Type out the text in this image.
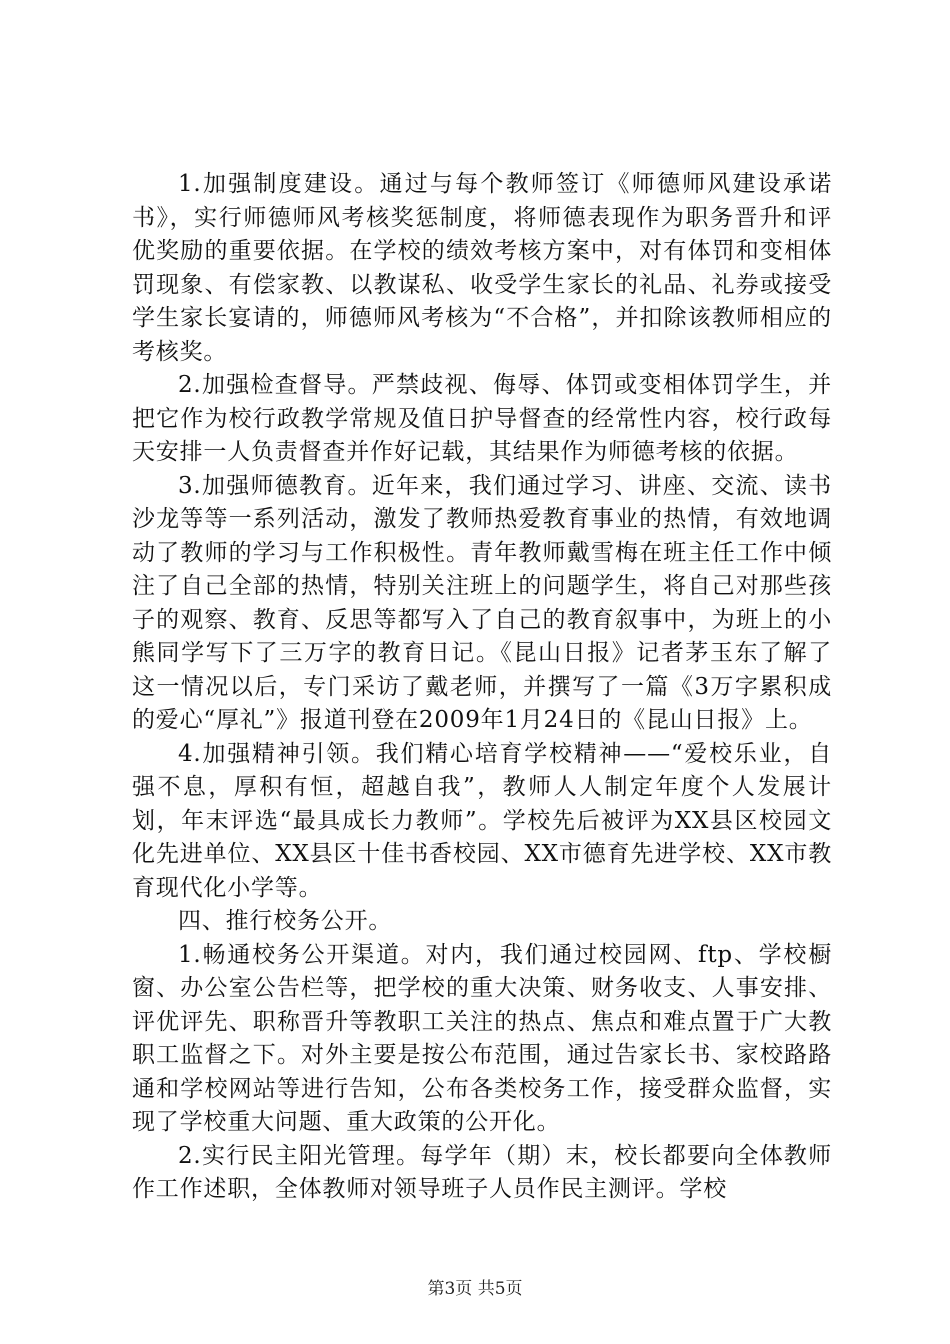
1.加强制度建设。通过与每个教师签订《师德师风建设承诺书》，实行师德师风考核奖惩制度，将师德表现作为职务晋升和评优奖励的重要依据。在学校的绩效考核方案中，对有体罚和变相体罚现象、有偿家教、以教谋私、收受学生家长的礼品、礼券或接受学生家长宴请的，师德师风考核为“不合格”，并扣除该教师相应的考核奖。

2.加强检查督导。严禁歧视、侮辱、体罚或变相体罚学生，并把它作为校行政教学常规及值日护导督查的经常性内容，校行政每天安排一人负责督查并作好记载，其结果作为师德考核的依据。

3.加强师德教育。近年来，我们通过学习、讲座、交流、读书沙龙等等一系列活动，激发了教师热爱教育事业的热情，有效地调动了教师的学习与工作积极性。青年教师戴雪梅在班主任工作中倾注了自己全部的热情，特别关注班上的问题学生，将自己对那些孩子的观察、教育、反思等都写入了自己的教育叙事中，为班上的小熊同学写下了三万字的教育日记。《昆山日报》记者茅玉东了解了这一情况以后，专门采访了戴老师，并撰写了一篇《3万字累积成的爱心“厚礼”》报道刊登在2009年1月24日的《昆山日报》上。

4.加强精神引领。我们精心培育学校精神——“爱校乐业，自强不息，厚积有恒，超越自我”，教师人人制定年度个人发展计划，年末评选“最具成长力教师”。学校先后被评为XX县区校园文化先进单位、XX县区十佳书香校园、XX市德育先进学校、XX市教育现代化小学等。

四、推行校务公开。

1.畅通校务公开渠道。对内，我们通过校园网、ftp、学校橱窗、办公室公告栏等，把学校的重大决策、财务收支、人事安排、评优评先、职称晋升等教职工关注的热点、焦点和难点置于广大教职工监督之下。对外主要是按公布范围，通过告家长书、家校路路通和学校网站等进行告知，公布各类校务工作，接受群众监督，实现了学校重大问题、重大政策的公开化。

2.实行民主阳光管理。每学年（期）末，校长都要向全体教师作工作述职，全体教师对领导班子人员作民主测评。学校

第3页 共5页
